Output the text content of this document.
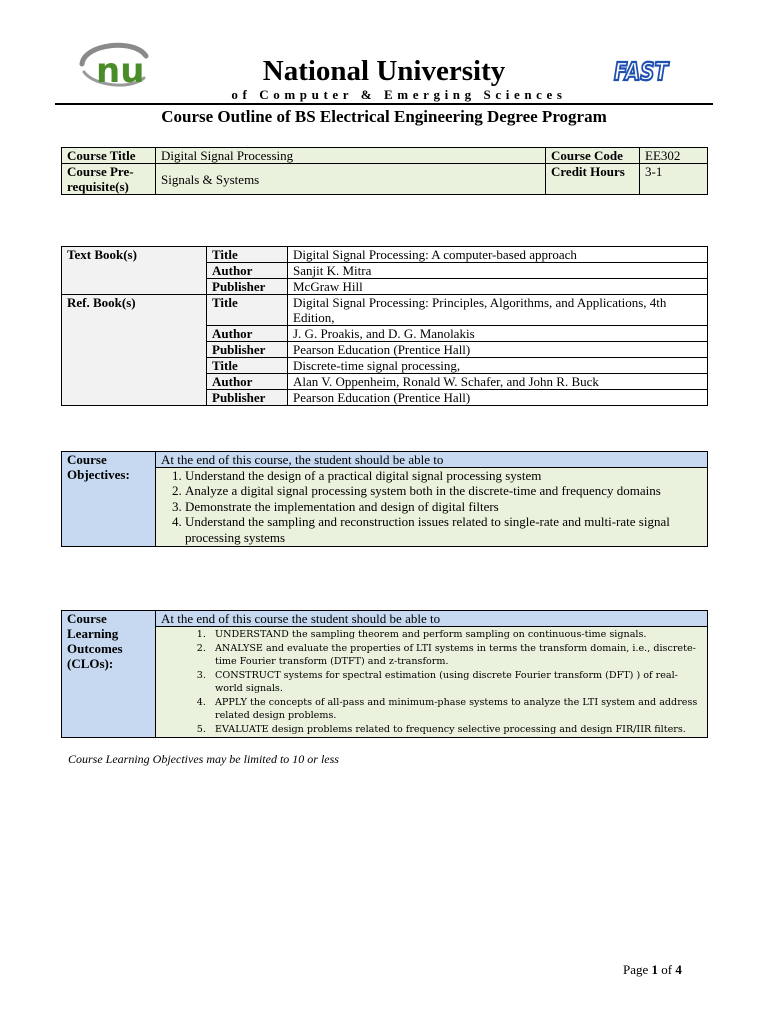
nu	National University
of Computer & Emerging Sciences
FAST
Course Outline of BS Electrical Engineering Degree Program
Course Title	Digital Signal Processing	Course Code	EE302
Course Pre-requisite(s)	Signals & Systems	Credit Hours	3-1
Text Book(s)	Title	Digital Signal Processing: A computer-based approach
	Author	Sanjit K. Mitra
	Publisher	McGraw Hill
Ref. Book(s)	Title	Digital Signal Processing: Principles, Algorithms, and Applications, 4th Edition,
	Author	J. G. Proakis, and D. G. Manolakis
	Publisher	Pearson Education (Prentice Hall)
	Title	Discrete-time signal processing,
	Author	Alan V. Oppenheim, Ronald W. Schafer, and John R. Buck
	Publisher	Pearson Education (Prentice Hall)
Course Objectives:	At the end of this course, the student should be able to

1. Understand the design of a practical digital signal processing system
2. Analyze a digital signal processing system both in the discrete-time and frequency domains
3. Demonstrate the implementation and design of digital filters
4. Understand the sampling and reconstruction issues related to single-rate and multi-rate signal processing systems
Course Learning Outcomes (CLOs):	At the end of this course the student should be able to

1. UNDERSTAND the sampling theorem and perform sampling on continuous-time signals.
2. ANALYSE and evaluate the properties of LTI systems in terms the transform domain, i.e., discrete-time Fourier transform (DTFT) and z-transform.
3. CONSTRUCT systems for spectral estimation (using discrete Fourier transform (DFT) ) of real-world signals.
4. APPLY the concepts of all-pass and minimum-phase systems to analyze the LTI system and address related design problems.
5. EVALUATE design problems related to frequency selective processing and design FIR/IIR filters.
Course Learning Objectives may be limited to 10 or less
Page 1 of 4
